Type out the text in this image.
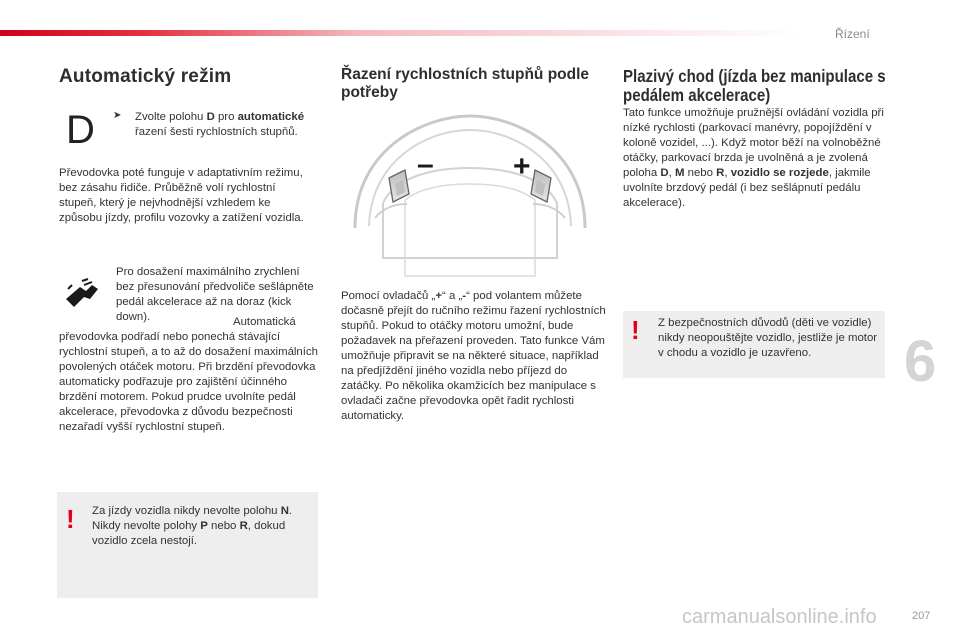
Řízení
6
carmanualsonline.info	207
Automatický režim
D ➤ Zvolte polohu D pro automatické řazení šesti rychlostních stupňů.
Převodovka poté funguje v adaptativním režimu, bez zásahu řidiče. Průběžně volí rychlostní stupeň, který je nejvhodnější vzhledem ke způsobu jízdy, profilu vozovky a zatížení vozidla.
Pro dosažení maximálního zrychlení bez přesunování předvoliče sešlápněte pedál akcelerace až na doraz (kick down).	Automatická převodovka podřadí nebo ponechá stávající rychlostní stupeň, a to až do dosažení maximálních povolených otáček motoru. Při brzdění převodovka automaticky podřazuje pro zajištění účinného brzdění motorem. Pokud prudce uvolníte pedál akcelerace, převodovka z důvodu bezpečnosti nezařadí vyšší rychlostní stupeň.
! Za jízdy vozidla nikdy nevolte polohu N. Nikdy nevolte polohy P nebo R, dokud vozidlo zcela nestojí.
Řazení rychlostních stupňů podle potřeby
–	+
Pomocí ovladačů „+“ a „-“ pod volantem můžete dočasně přejít do ručního režimu řazení rychlostních stupňů. Pokud to otáčky motoru umožní, bude požadavek na přeřazení proveden. Tato funkce Vám umožňuje připravit se na některé situace, například na předjíždění jiného vozidla nebo příjezd do zatáčky. Po několika okamžicích bez manipulace s ovladači začne převodovka opět řadit rychlosti automaticky.
Plazivý chod (jízda bez manipulace s pedálem akcelerace)
Tato funkce umožňuje pružnější ovládání vozidla při nízké rychlosti (parkovací manévry, popojíždění v koloně vozidel, ...). Když motor běží na volnoběžné otáčky, parkovací brzda je uvolněná a je zvolená poloha D, M nebo R, vozidlo se rozjede, jakmile uvolníte brzdový pedál (i bez sešlápnutí pedálu akcelerace).
! Z bezpečnostních důvodů (děti ve vozidle) nikdy neopouštějte vozidlo, jestliže je motor v chodu a vozidlo je uzavřeno.
